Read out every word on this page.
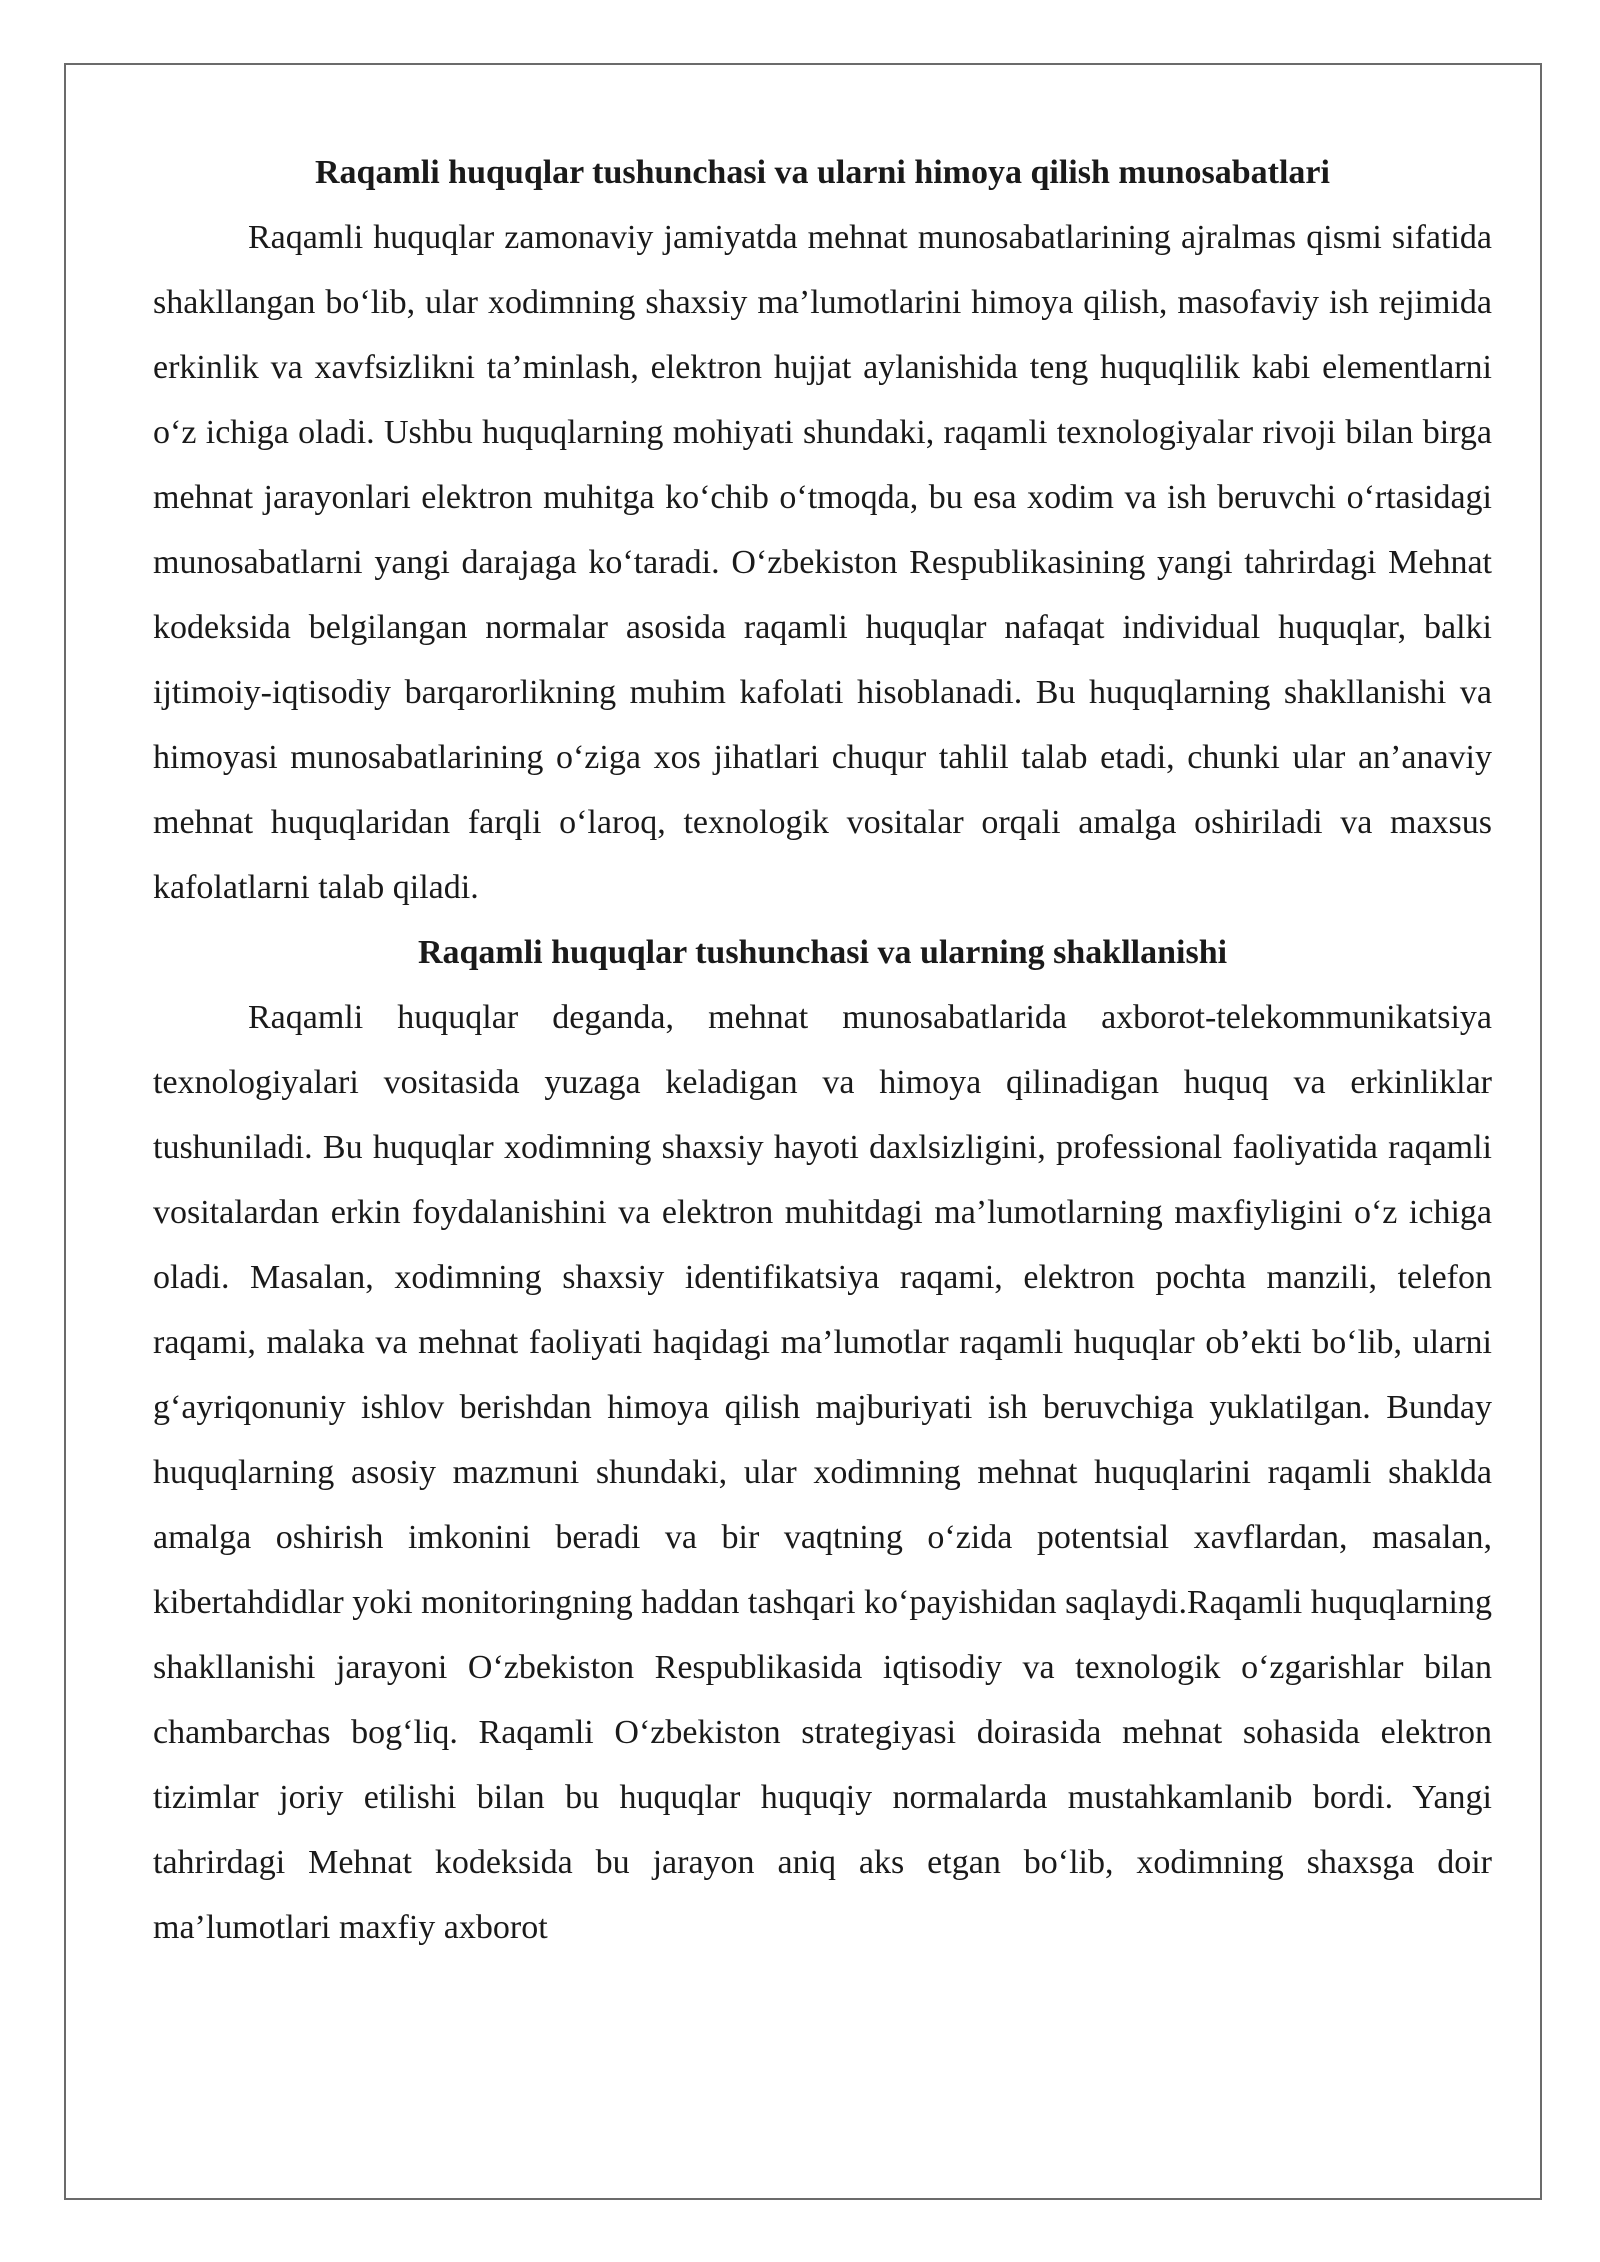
Raqamli huquqlar tushunchasi va ularni himoya qilish munosabatlari

Raqamli huquqlar zamonaviy jamiyatda mehnat munosabatlarining ajralmas qismi sifatida shakllangan bo‘lib, ular xodimning shaxsiy ma’lumotlarini himoya qilish, masofaviy ish rejimida erkinlik va xavfsizlikni ta’minlash, elektron hujjat aylanishida teng huquqlilik kabi elementlarni o‘z ichiga oladi. Ushbu huquqlarning mohiyati shundaki, raqamli texnologiyalar rivoji bilan birga mehnat jarayonlari elektron muhitga ko‘chib o‘tmoqda, bu esa xodim va ish beruvchi o‘rtasidagi munosabatlarni yangi darajaga ko‘taradi. O‘zbekiston Respublikasining yangi tahrirdagi Mehnat kodeksida belgilangan normalar asosida raqamli huquqlar nafaqat individual huquqlar, balki ijtimoiy-iqtisodiy barqarorlikning muhim kafolati hisoblanadi. Bu huquqlarning shakllanishi va himoyasi munosabatlarining o‘ziga xos jihatlari chuqur tahlil talab etadi, chunki ular an’anaviy mehnat huquqlaridan farqli o‘laroq, texnologik vositalar orqali amalga oshiriladi va maxsus kafolatlarni talab qiladi.

Raqamli huquqlar tushunchasi va ularning shakllanishi

Raqamli huquqlar deganda, mehnat munosabatlarida axborot-telekommunikatsiya texnologiyalari vositasida yuzaga keladigan va himoya qilinadigan huquq va erkinliklar tushuniladi. Bu huquqlar xodimning shaxsiy hayoti daxlsizligini, professional faoliyatida raqamli vositalardan erkin foydalanishini va elektron muhitdagi ma’lumotlarning maxfiyligini o‘z ichiga oladi. Masalan, xodimning shaxsiy identifikatsiya raqami, elektron pochta manzili, telefon raqami, malaka va mehnat faoliyati haqidagi ma’lumotlar raqamli huquqlar ob’ekti bo‘lib, ularni g‘ayriqonuniy ishlov berishdan himoya qilish majburiyati ish beruvchiga yuklatilgan. Bunday huquqlarning asosiy mazmuni shundaki, ular xodimning mehnat huquqlarini raqamli shaklda amalga oshirish imkonini beradi va bir vaqtning o‘zida potentsial xavflardan, masalan, kibertahdidlar yoki monitoringning haddan tashqari ko‘payishidan saqlaydi.Raqamli huquqlarning shakllanishi jarayoni O‘zbekiston Respublikasida iqtisodiy va texnologik o‘zgarishlar bilan chambarchas bog‘liq. Raqamli O‘zbekiston strategiyasi doirasida mehnat sohasida elektron tizimlar joriy etilishi bilan bu huquqlar huquqiy normalarda mustahkamlanib bordi. Yangi tahrirdagi Mehnat kodeksida bu jarayon aniq aks etgan bo‘lib, xodimning shaxsga doir ma’lumotlari maxfiy axborot
